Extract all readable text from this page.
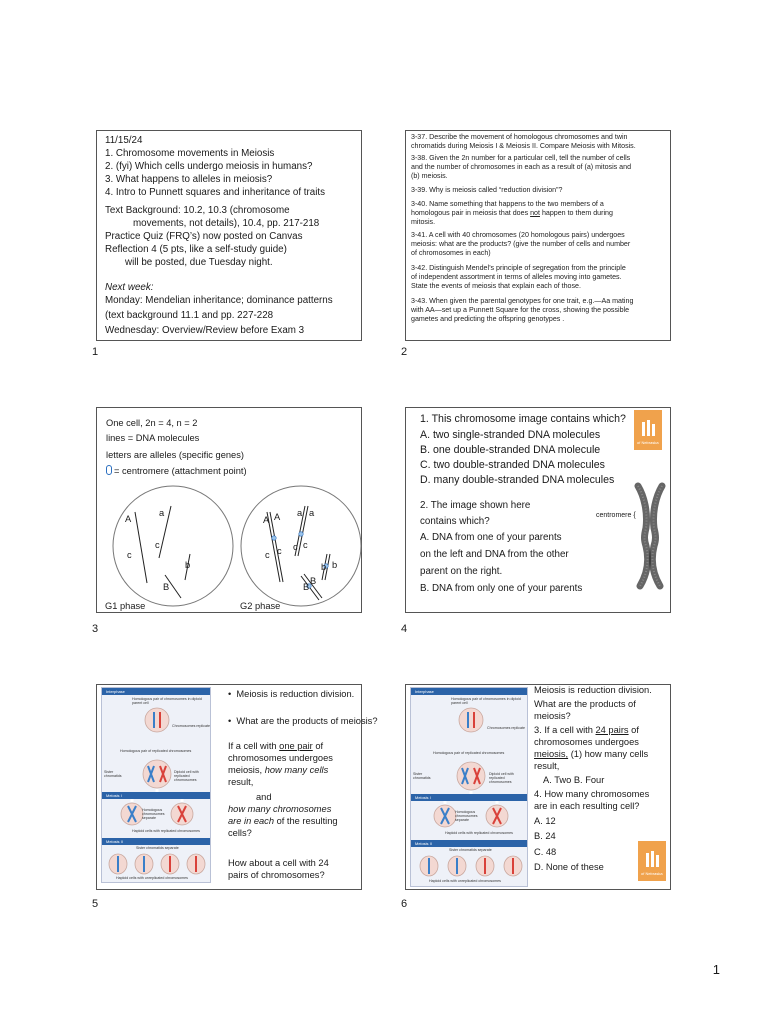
11/15/24
1. Chromosome movements in Meiosis
2. (fyi) Which cells undergo meiosis in humans?
3. What happens to alleles in meiosis?
4. Intro to Punnett squares and inheritance of traits
Text Background: 10.2, 10.3 (chromosome
movements, not details), 10.4, pp. 217-218
Practice Quiz (FRQ’s) now posted on Canvas
Reflection 4 (5 pts, like a self-study guide)
will be posted, due Tuesday night.
Next week:
Monday: Mendelian inheritance; dominance patterns
(text background 11.1 and pp. 227-228
Wednesday: Overview/Review before Exam 3
1
3-37. Describe the movement of homologous chromosomes and twin
chromatids during Meiosis I & Meiosis II. Compare Meiosis with Mitosis.
3-38. Given the 2n number for a particular cell, tell the number of cells
and the number of chromosomes in each as a result of (a) mitosis and
(b) meiosis.
3-39. Why is meiosis called “reduction division”?
3-40. Name something that happens to the two members of a
homologous pair in meiosis that does not happen to them during
mitosis.
3-41. A cell with 40 chromosomes (20 homologous pairs) undergoes
meiosis: what are the products? (give the number of cells and number
of chromosomes in each)
3-42. Distinguish Mendel’s principle of segregation from the principle
of independent assortment in terms of alleles moving into gametes.
State the events of meiosis that explain each of those.
3-43. When given the parental genotypes for one trait, e.g.—Aa mating
with AA—set up a Punnett Square for the cross, showing the possible
gametes and predicting the offspring genotypes .
2
One cell, 2n = 4, n = 2
lines = DNA molecules
letters are alleles (specific genes)
= centromere (attachment point)
A
a
c
c
b
B
A A a a
c c c c
b b
B
B
G1 phase	G2 phase
3
1. This chromosome image contains which?
A. two single-stranded DNA molecules
B. one double-stranded DNA molecule
C. two double-stranded DNA molecules
D. many double-stranded DNA molecules
of Nebraska
2. The image shown here
contains which?
A. DNA from one of your parents
on the left and DNA from the other
parent on the right.
B. DNA from only one of your parents
centromere {
4
Interphase
Homologous pair of chromosomes in diploid parent cell
Chromosomes replicate
Homologous pair of replicated chromosomes
Sister chromatids
Diploid cell with replicated chromosomes
Meiosis I
Homologous chromosomes separate
Haploid cells with replicated chromosomes
Meiosis II
Sister chromatids separate
Haploid cells with unreplicated chromosomes
•  Meiosis is reduction division.
•  What are the products of meiosis?
If a cell with one pair of
chromosomes undergoes
meiosis, how many cells
result,
and
how many chromosomes
are in each of the resulting
cells?
How about a cell with 24
pairs of chromosomes?
5
Interphase
Homologous pair of chromosomes in diploid parent cell
Chromosomes replicate
Homologous pair of replicated chromosomes
Sister chromatids
Diploid cell with replicated chromosomes
Meiosis I
Homologous chromosomes separate
Haploid cells with replicated chromosomes
Meiosis II
Sister chromatids separate
Haploid cells with unreplicated chromosomes
Meiosis is reduction division.
What are the products of
meiosis?
3. If a cell with 24 pairs of
chromosomes undergoes
meiosis, (1) how many cells
result,
A. Two B. Four
4. How many chromosomes
are in each resulting cell?
A. 12
B. 24
C. 48
D. None of these
of Nebraska
6
1
